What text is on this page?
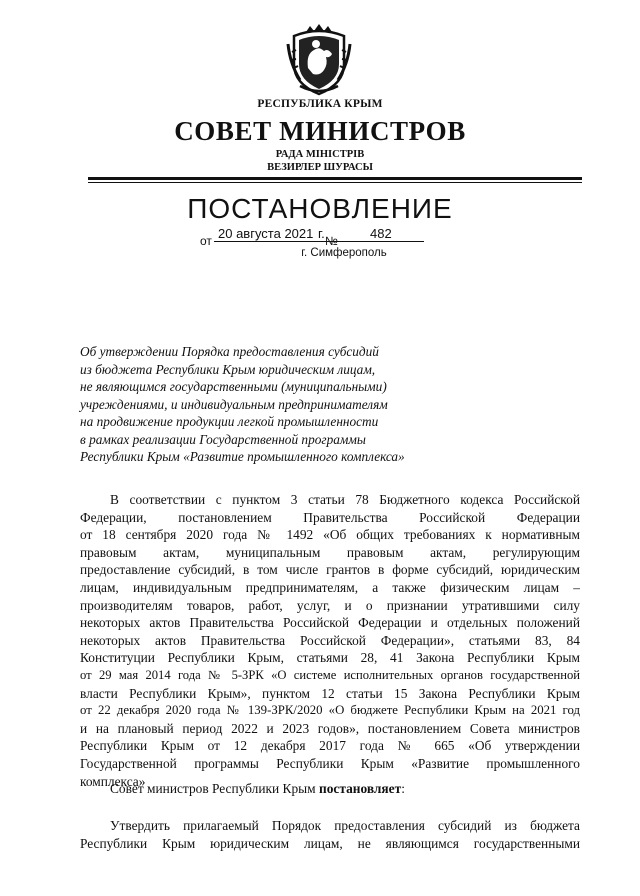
РЕСПУБЛИКА КРЫМ
СОВЕТ МИНИСТРОВ
РАДА МІНІСТРІВ
ВЕЗИРЛЕР ШУРАСЫ
ПОСТАНОВЛЕНИЕ
от 20 августа 2021 г. № 482
г. Симферополь
Об утверждении Порядка предоставления субсидий
из бюджета Республики Крым юридическим лицам,
не являющимся государственными (муниципальными)
учреждениями, и индивидуальным предпринимателям
на продвижение продукции легкой промышленности
в рамках реализации Государственной программы
Республики Крым «Развитие промышленного комплекса»
В соответствии с пунктом 3 статьи 78 Бюджетного кодекса Российской
Федерации, постановлением Правительства Российской Федерации
от 18 сентября 2020 года № 1492 «Об общих требованиях к нормативным
правовым актам, муниципальным правовым актам, регулирующим
предоставление субсидий, в том числе грантов в форме субсидий, юридическим
лицам, индивидуальным предпринимателям, а также физическим лицам –
производителям товаров, работ, услуг, и о признании утратившими силу
некоторых актов Правительства Российской Федерации и отдельных положений
некоторых актов Правительства Российской Федерации», статьями 83, 84
Конституции Республики Крым, статьями 28, 41 Закона Республики Крым
от 29 мая 2014 года № 5-ЗРК «О системе исполнительных органов государственной
власти Республики Крым», пунктом 12 статьи 15 Закона Республики Крым
от 22 декабря 2020 года № 139-ЗРК/2020 «О бюджете Республики Крым на 2021 год
и на плановый период 2022 и 2023 годов», постановлением Совета министров
Республики Крым от 12 декабря 2017 года № 665 «Об утверждении
Государственной программы Республики Крым «Развитие промышленного
комплекса»
Совет министров Республики Крым постановляет:
Утвердить прилагаемый Порядок предоставления субсидий из бюджета
Республики Крым юридическим лицам, не являющимся государственными
